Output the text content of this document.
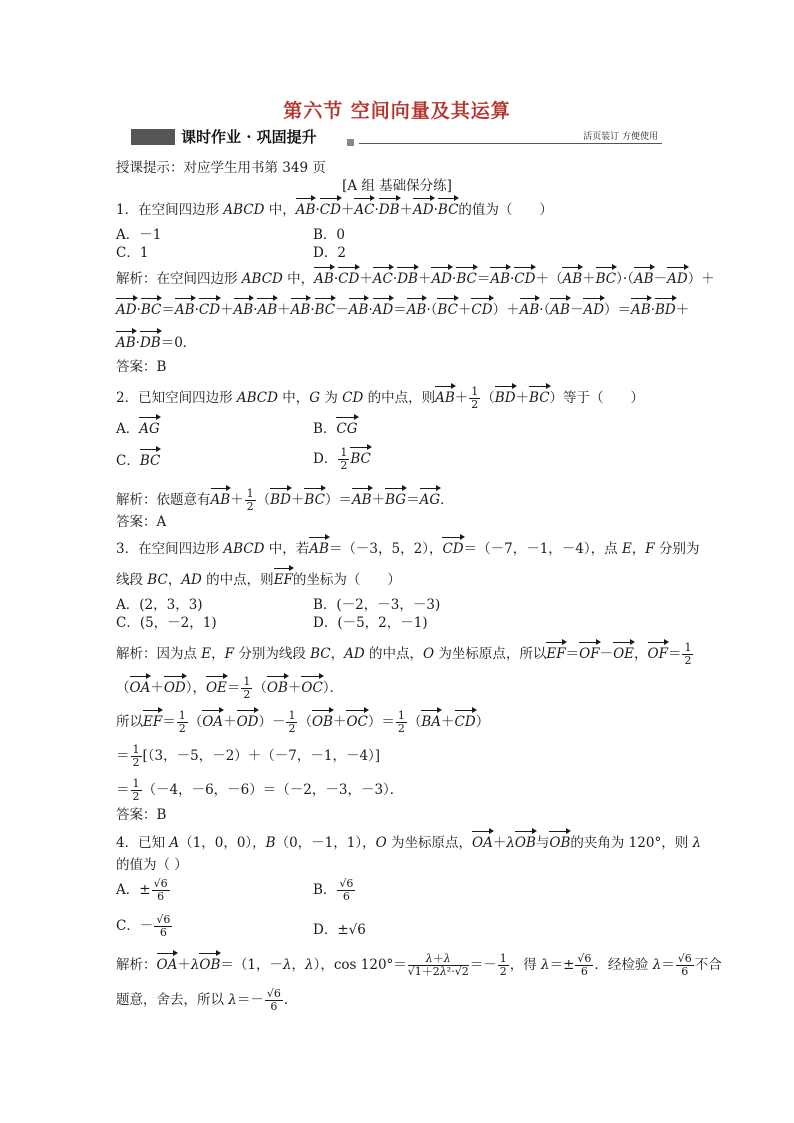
第六节 空间向量及其运算
课时作业 · 巩固提升	活页装订 方便使用
授课提示：对应学生用书第 349 页
[A 组 基础保分练]
1．在空间四边形 ABCD 中，AB·CD＋AC·DB＋AD·BC的值为（　　）
A．－1	B．0
C．1	D．2
解析：在空间四边形 ABCD 中，AB·CD＋AC·DB＋AD·BC＝AB·CD＋（AB＋BC）·（AB－AD）＋
AD·BC＝AB·CD＋AB·AB＋AB·BC－AB·AD＝AB·（BC＋CD）＋AB·（AB－AD）＝AB·BD＋
AB·DB＝0．
答案：B
2．已知空间四边形 ABCD 中，G 为 CD 的中点，则$AB+ \frac{1}{2} (BD+BC)$等于（　　）
A．AG	B．CG
C．BC	D． $\frac{1}{2}$ BC
解析：依题意有$AB+ \frac{1}{2} (BD+BC)=AB+BG=AG$．
答案：A
3．在空间四边形 ABCD 中，若AB＝（－3，5，2），CD＝（－7，－1，－4），点 E，F 分别为
线段 BC，AD 的中点，则EF的坐标为（　　）
A．(2，3，3)	B．(－2，－3，－3)
C．(5，－2，1)	D．(－5，2，－1)
解析：因为点 E，F 分别为线段 BC，AD 的中点，O 为坐标原点，所以EF＝OF－OE，$OF= \frac{1}{2}$
（OA＋OD），$OE= \frac{1}{2} (OB+OC)$．
所以$EF= \frac{1}{2} (OA+OD)- \frac{1}{2} (OB+OC)= \frac{1}{2} (BA+CD)$
＝ $\frac{1}{2} [(3$，－5，－2）＋（－7，－1，－4）]
＝ $\frac{1}{2} (-4$，－6，－6）＝（－2，－3，－3）．
答案：B
4．已知 A（1，0，0），B（0，－1，1），O 为坐标原点，OA＋λOB与OB的夹角为 120°，则 λ
的值为（ ）
A．± $\frac{√6}{6}$	B． $\frac{√6}{6}$
C．－ $\frac{√6}{6}$	D．±√6
解析：OA＋λOB＝（1，－λ，λ），$\cos 120^\circ= \frac{\lambda+\lambda}{\text{√1＋2λ²·√2}} =- \frac{1}{2}$ ，得 $\lambda=\pm \frac{√6}{6}$ ．经检验 $\lambda= \frac{√6}{6}$ 不合
题意，舍去，所以 $\lambda=- \frac{√6}{6}$ ．
